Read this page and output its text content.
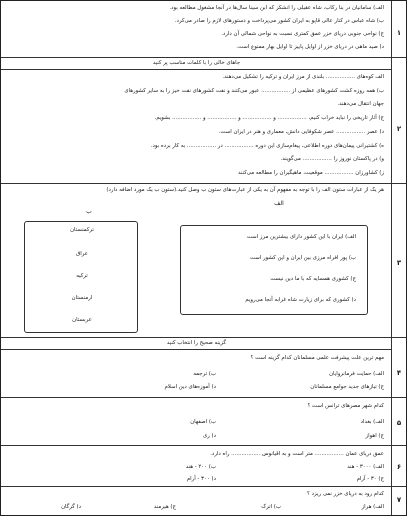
۱
الف) سامانیان در بنا رکاب، شاه عقیلی را انشکر که ابن سینا سال‌ها در آنجا مشغول مطالعه بود.
ب) شاه عباس در کنار عالی قاپو به ایران کشور می‌پرداخت و دستورهای لازم را صادر می‌کرد.
ج) نواحی جنوبی دریای خزر عمق کمتری نسبت به نواحی شمالی آن دارد.
د) صید ماهی در دریای خزر از اوایل پاییز تا اوایل بهار ممنوع است.
جاهای خالی را با کلمات مناسب پر کنید
۲
الف کوه‌های ................. بلندی از مرز ایران و ترکیه را تشکیل می‌دهند.
ب) همه روزه کشت کشورهای عظیمی از ................. عبور می‌کنند و نفت کشورهای نفت خیز را به سایر کشورهای
جهان انتقال می‌دهند.
ج) آثار تاریخی را نباید خراب کنیم، ................. و ................. و ................. و ................. بشویم.
د) عصر ................. عصر شکوفایی دانش، معماری و هنر در ایران است.
ه) کشتیرانی پیمان‌های دوره اطلاعی، پیغام‌سازی این دوره ................. در ................. به کار برده بود.
و) در پاکستان نوروز را ................. می‌گویند.
ز) کشاورزان ................. موقعیت، ماهیگیران را مطالعه می‌کنند
هر یک از عبارات ستون الف را با توجه به مفهوم آن به یکی از عبارت‌های ستون ب وصل کنید.(ستون ب یک مورد اضافه دارد)
الف
ب
۳
الف) ایران با این کشور دارای بیشترین مرز است
ب) پور افراه مرزی بین ایران و این کشور است
ج) کشوری همسایه که با ما دین نیست
د) کشوری که برای زیارت شاه غرابه آنجا می‌رویم
ترکمنستان
عراق
ترکیه
ارمنستان
عربستان
گزینه صحیح را انتخاب کنید
۴
مهم ترین علت پیشرفت علمی مسلمانان کدام گزینه است ؟
الف) حمایت فرمانروایان
ب) ترجمه
ج) تیازهای جدید جوامع مسلمانان
د) آموزه‌های دین اسلام
۵
کدام شهر مصرهای ترانس است ؟
الف) بغداد
ب) اصفهان
ج) اهواز
د) ری
۶
عمق دریای عمان ................. متر است و به اقیانوس ................. راه دارد.
الف) ۳۰۰۰ - هند
ب) ۲۰۰ - هند
ج) ۳۰ - آرام
د) ۳۰۰ - آرام
۷
کدام رود به دریای خزر نمی ریزد ؟
الف) هراز
ب) اترک
ج) هیرمند
د) گرگان
